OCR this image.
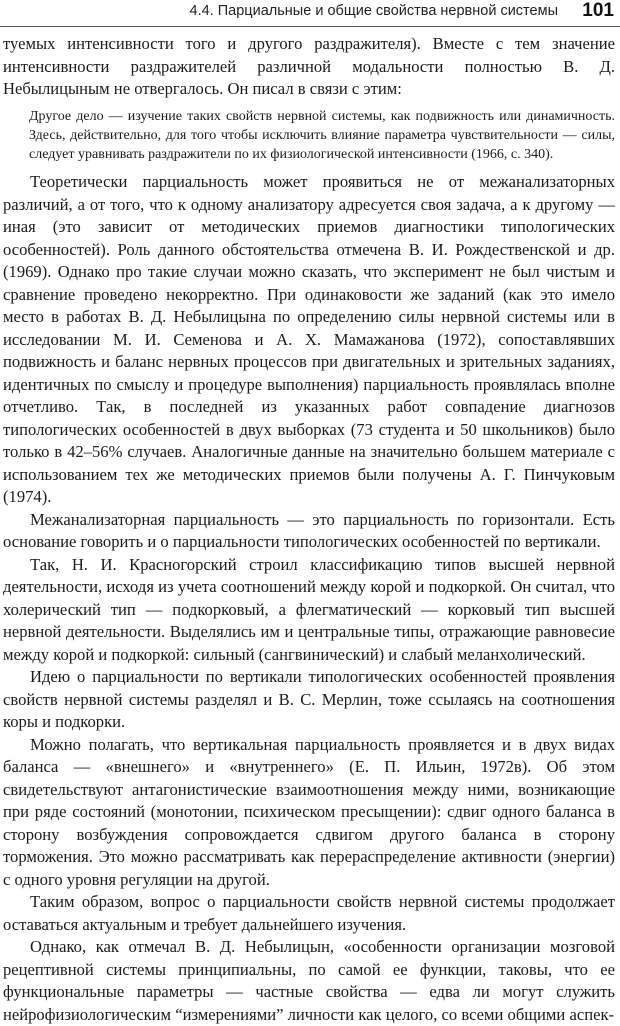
4.4. Парциальные и общие свойства нервной системы 101

туемых интенсивности того и другого раздражителя). Вместе с тем значение интенсивности раздражителей различной модальности полностью В. Д. Небылицыным не отвергалось. Он писал в связи с этим:

Другое дело — изучение таких свойств нервной системы, как подвижность или динамичность. Здесь, действительно, для того чтобы исключить влияние параметра чувствительности — силы, следует уравнивать раздражители по их физиологической интенсивности (1966, с. 340).

Теоретически парциальность может проявиться не от межанализаторных различий, а от того, что к одному анализатору адресуется своя задача, а к другому — иная (это зависит от методических приемов диагностики типологических особенностей). Роль данного обстоятельства отмечена В. И. Рождественской и др. (1969). Однако про такие случаи можно сказать, что эксперимент не был чистым и сравнение проведено некорректно. При одинаковости же заданий (как это имело место в работах В. Д. Небылицына по определению силы нервной системы или в исследовании М. И. Семенова и А. Х. Мамажанова (1972), сопоставлявших подвижность и баланс нервных процессов при двигательных и зрительных заданиях, идентичных по смыслу и процедуре выполнения) парциальность проявлялась вполне отчетливо. Так, в последней из указанных работ совпадение диагнозов типологических особенностей в двух выборках (73 студента и 50 школьников) было только в 42–56% случаев. Аналогичные данные на значительно большем материале с использованием тех же методических приемов были получены А. Г. Пинчуковым (1974).

Межанализаторная парциальность — это парциальность по горизонтали. Есть основание говорить и о парциальности типологических особенностей по вертикали.

Так, Н. И. Красногорский строил классификацию типов высшей нервной деятельности, исходя из учета соотношений между корой и подкоркой. Он считал, что холерический тип — подкорковый, а флегматический — корковый тип высшей нервной деятельности. Выделялись им и центральные типы, отражающие равновесие между корой и подкоркой: сильный (сангвинический) и слабый меланхолический.

Идею о парциальности по вертикали типологических особенностей проявления свойств нервной системы разделял и В. С. Мерлин, тоже ссылаясь на соотношения коры и подкорки.

Можно полагать, что вертикальная парциальность проявляется и в двух видах баланса — «внешнего» и «внутреннего» (Е. П. Ильин, 1972в). Об этом свидетельствуют антагонистические взаимоотношения между ними, возникающие при ряде состояний (монотонии, психическом пресыщении): сдвиг одного баланса в сторону возбуждения сопровождается сдвигом другого баланса в сторону торможения. Это можно рассматривать как перераспределение активности (энергии) с одного уровня регуляции на другой.

Таким образом, вопрос о парциальности свойств нервной системы продолжает оставаться актуальным и требует дальнейшего изучения.

Однако, как отмечал В. Д. Небылицын, «особенности организации мозговой рецептивной системы принципиальны, по самой ее функции, таковы, что ее функциональные параметры — частные свойства — едва ли могут служить нейрофизиологическим “измерениями” личности как целого, со всеми общими аспек-
